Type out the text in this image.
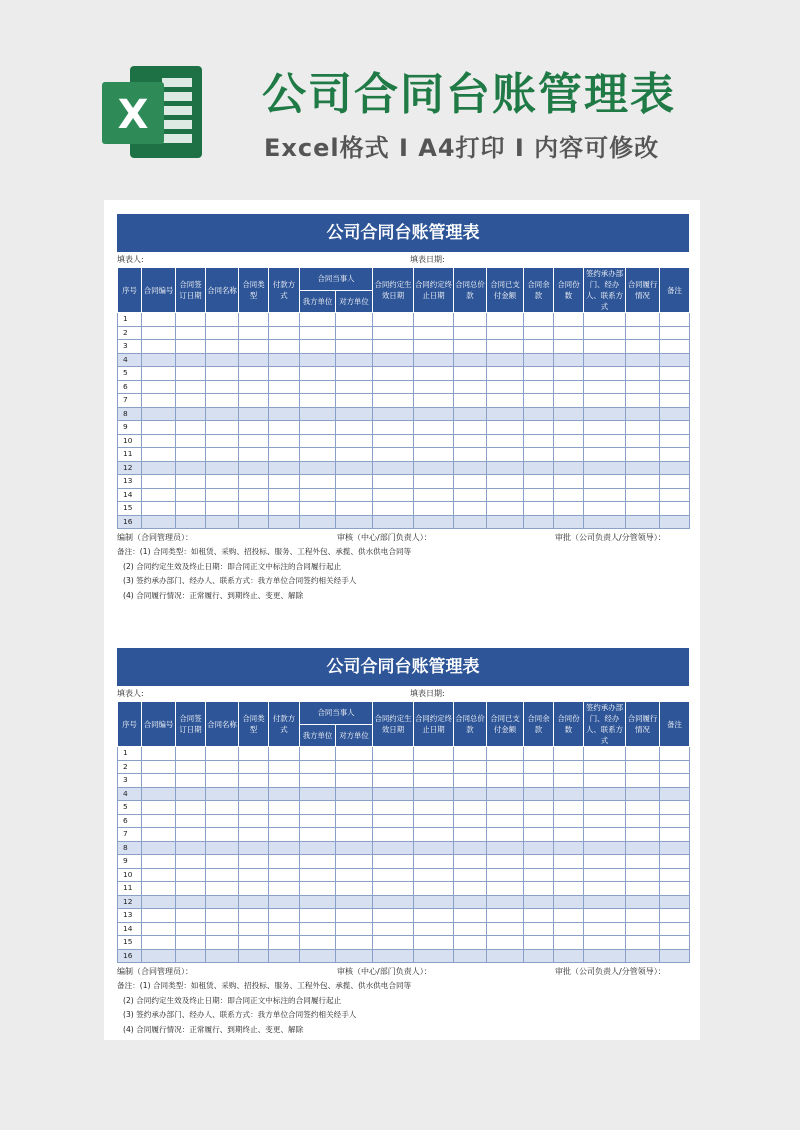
X	公司合同台账管理表
Excel格式 I A4打印 I 内容可修改
公司合同台账管理表
填表人:	填表日期:
序号	合同编号	合同签订日期	合同名称	合同类型	付款方式	合同当事人		合同约定生效日期	合同约定终止日期	合同总价款	合同已支付金额	合同余款	合同份数	签约承办部门、经办人、联系方式	合同履行情况	备注
						我方单位	对方单位									
1																
2																
3																
4																
5																
6																
7																
8																
9																
10																
11																
12																
13																
14																
15																
16																
编制（合同管理员）：	审核（中心/部门负责人）：	审批（公司负责人/分管领导）：
备注：(1) 合同类型：如租赁、采购、招投标、服务、工程外包、承揽、供水供电合同等
(2) 合同约定生效及终止日期：即合同正文中标注的合同履行起止
(3) 签约承办部门、经办人、联系方式：我方单位合同签约相关经手人
(4) 合同履行情况：正常履行、到期终止、变更、解除
公司合同台账管理表
填表人:	填表日期:
序号	合同编号	合同签订日期	合同名称	合同类型	付款方式	合同当事人		合同约定生效日期	合同约定终止日期	合同总价款	合同已支付金额	合同余款	合同份数	签约承办部门、经办人、联系方式	合同履行情况	备注
						我方单位	对方单位									
1																
2																
3																
4																
5																
6																
7																
8																
9																
10																
11																
12																
13																
14																
15																
16																
编制（合同管理员）：	审核（中心/部门负责人）：	审批（公司负责人/分管领导）：
备注：(1) 合同类型：如租赁、采购、招投标、服务、工程外包、承揽、供水供电合同等
(2) 合同约定生效及终止日期：即合同正文中标注的合同履行起止
(3) 签约承办部门、经办人、联系方式：我方单位合同签约相关经手人
(4) 合同履行情况：正常履行、到期终止、变更、解除
